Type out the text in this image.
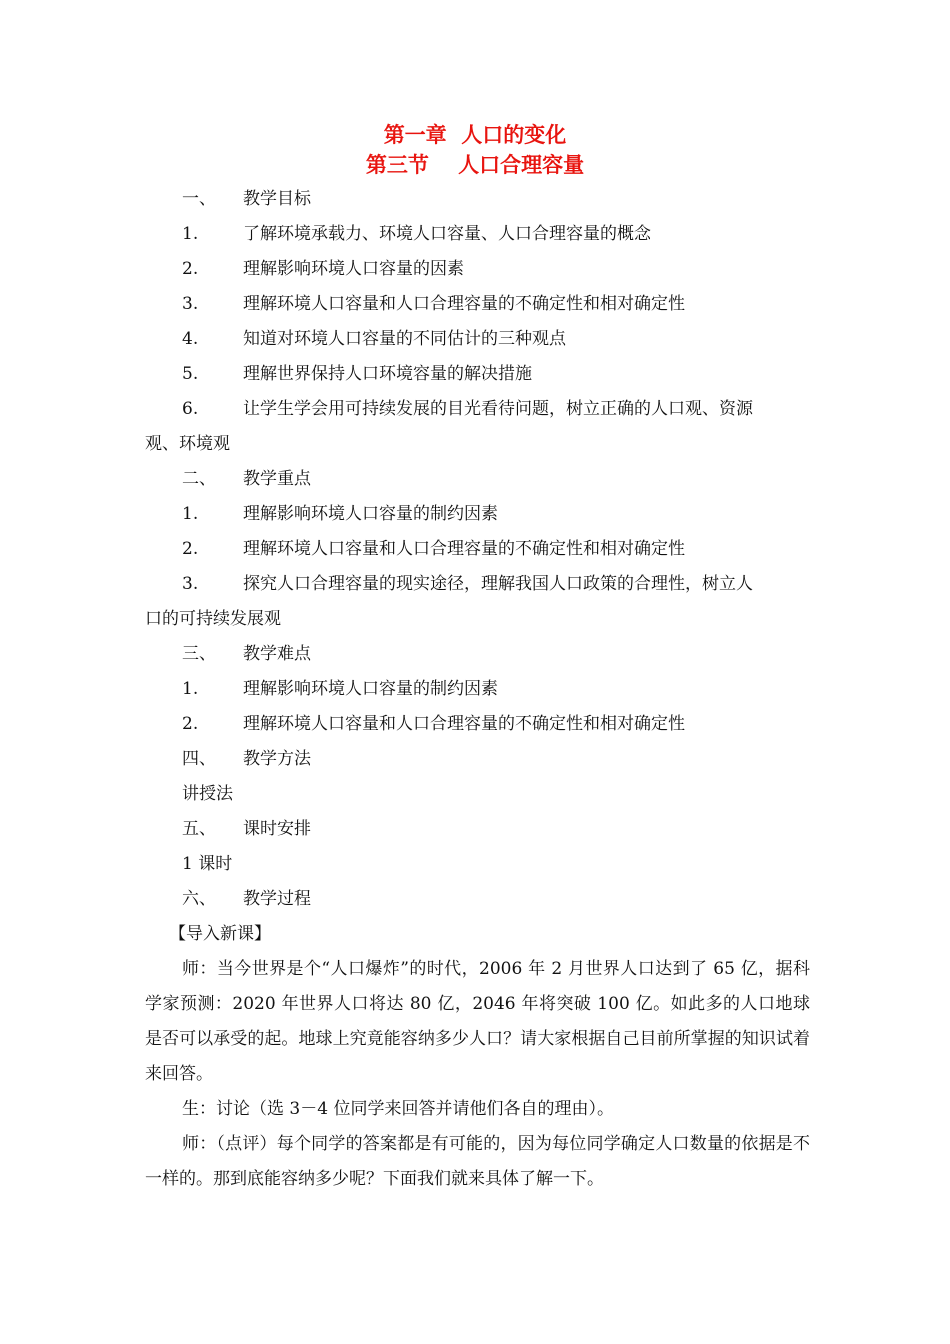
第一章  人口的变化
第三节    人口合理容量
一、	教学目标
1.	了解环境承载力、环境人口容量、人口合理容量的概念
2.	理解影响环境人口容量的因素
3.	理解环境人口容量和人口合理容量的不确定性和相对确定性
4.	知道对环境人口容量的不同估计的三种观点
5.	理解世界保持人口环境容量的解决措施
6.	让学生学会用可持续发展的目光看待问题，树立正确的人口观、资源
观、环境观
二、	教学重点
1.	理解影响环境人口容量的制约因素
2.	理解环境人口容量和人口合理容量的不确定性和相对确定性
3.	探究人口合理容量的现实途径，理解我国人口政策的合理性，树立人
口的可持续发展观
三、	教学难点
1.	理解影响环境人口容量的制约因素
2.	理解环境人口容量和人口合理容量的不确定性和相对确定性
四、	教学方法
讲授法
五、	课时安排
1 课时
六、	教学过程
【导入新课】
师：当今世界是个“人口爆炸”的时代，2006 年 2 月世界人口达到了 65 亿，据科学家预测：2020 年世界人口将达 80 亿，2046 年将突破 100 亿。如此多的人口地球是否可以承受的起。地球上究竟能容纳多少人口？请大家根据自己目前所掌握的知识试着来回答。
生：讨论（选 3－4 位同学来回答并请他们各自的理由）。
师：（点评）每个同学的答案都是有可能的，因为每位同学确定人口数量的依据是不一样的。那到底能容纳多少呢？下面我们就来具体了解一下。
